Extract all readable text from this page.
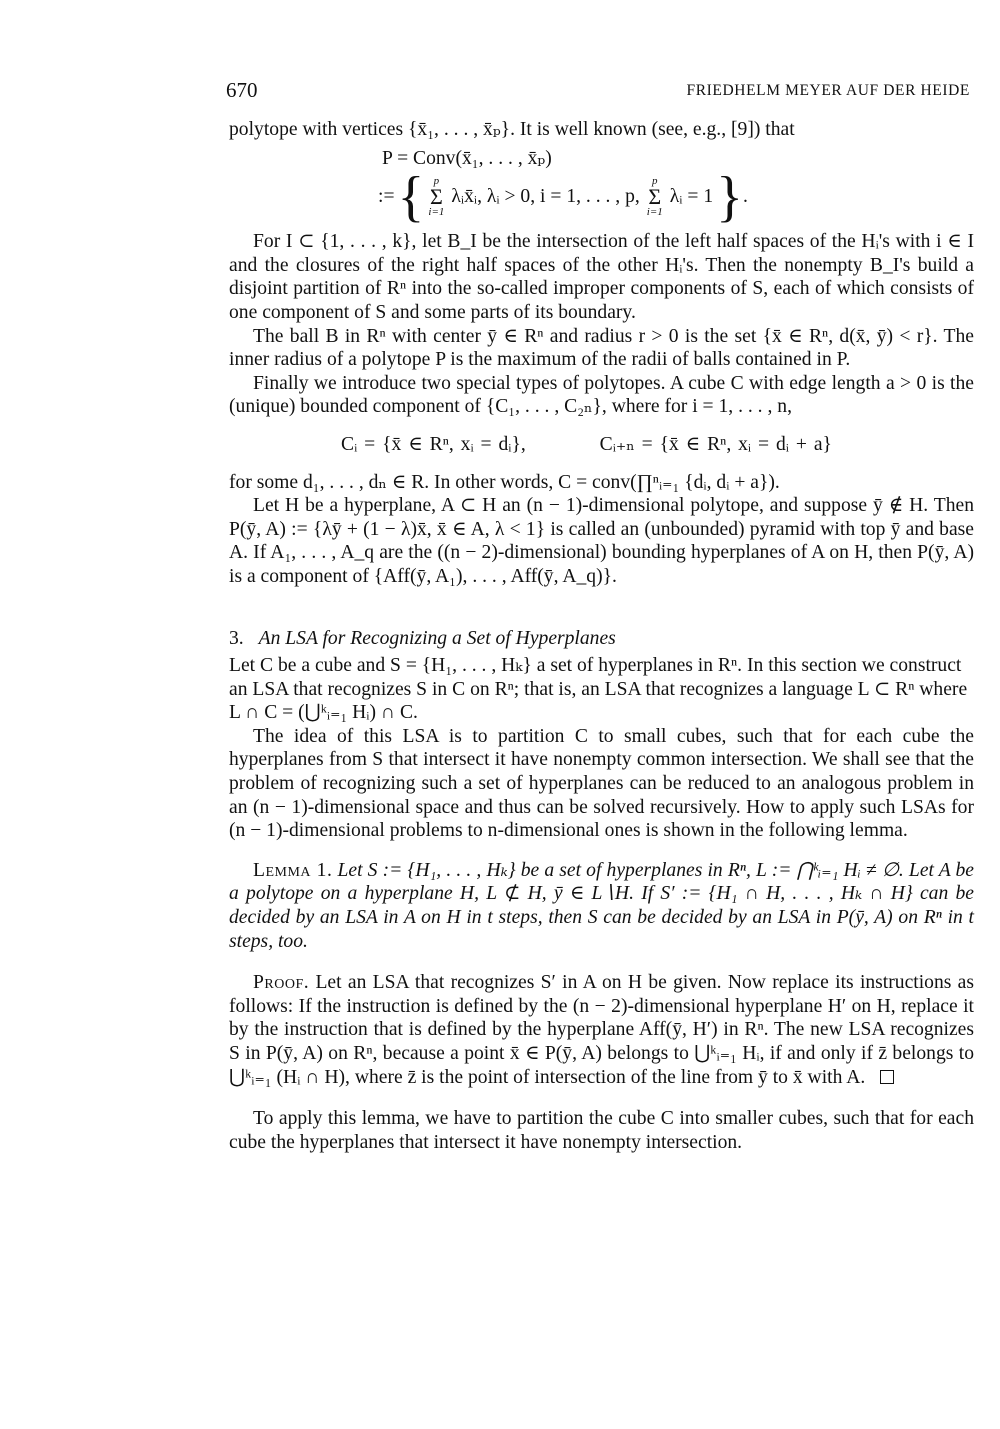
670	FRIEDHELM MEYER AUF DER HEIDE

polytope with vertices {x̄₁, . . . , x̄ₚ}. It is well known (see, e.g., [9]) that

P = Conv(x̄₁, . . . , x̄ₚ)
:= { p
Σ
i=1
λᵢx̄ᵢ, λᵢ > 0, i = 1, . . . , p,
p
Σ
i=1
λᵢ = 1 } .

For I ⊂ {1, . . . , k}, let B_I be the intersection of the left half spaces of the Hᵢ's with i ∈ I and the closures of the right half spaces of the other Hᵢ's. Then the nonempty B_I's build a disjoint partition of Rⁿ into the so-called improper components of S, each of which consists of one component of S and some parts of its boundary.

The ball B in Rⁿ with center ȳ ∈ Rⁿ and radius r > 0 is the set {x̄ ∈ Rⁿ, d(x̄, ȳ) < r}. The inner radius of a polytope P is the maximum of the radii of balls contained in P.

Finally we introduce two special types of polytopes. A cube C with edge length a > 0 is the (unique) bounded component of {C₁, . . . , C₂ₙ}, where for i = 1, . . . , n,

Cᵢ = {x̄ ∈ Rⁿ, xᵢ = dᵢ},	Cᵢ₊ₙ = {x̄ ∈ Rⁿ, xᵢ = dᵢ + a}

for some d₁, . . . , dₙ ∈ R. In other words, C = conv(∏ⁿᵢ₌₁ {dᵢ, dᵢ + a}).

Let H be a hyperplane, A ⊂ H an (n − 1)-dimensional polytope, and suppose ȳ ∉ H. Then P(ȳ, A) := {λȳ + (1 − λ)x̄, x̄ ∈ A, λ < 1} is called an (unbounded) pyramid with top ȳ and base A. If A₁, . . . , A_q are the ((n − 2)-dimensional) bounding hyperplanes of A on H, then P(ȳ, A) is a component of {Aff(ȳ, A₁), . . . , Aff(ȳ, A_q)}.

3. An LSA for Recognizing a Set of Hyperplanes

Let C be a cube and S = {H₁, . . . , Hₖ} a set of hyperplanes in Rⁿ. In this section we construct an LSA that recognizes S in C on Rⁿ; that is, an LSA that recognizes a language L ⊂ Rⁿ where L ∩ C = (⋃ᵏᵢ₌₁ Hᵢ) ∩ C.

The idea of this LSA is to partition C to small cubes, such that for each cube the hyperplanes from S that intersect it have nonempty common intersection. We shall see that the problem of recognizing such a set of hyperplanes can be reduced to an analogous problem in an (n − 1)-dimensional space and thus can be solved recursively. How to apply such LSAs for (n − 1)-dimensional problems to n-dimensional ones is shown in the following lemma.

Lemma 1. Let S := {H₁, . . . , Hₖ} be a set of hyperplanes in Rⁿ, L := ⋂ᵏᵢ₌₁ Hᵢ ≠ ∅. Let A be a polytope on a hyperplane H, L ⊄ H, ȳ ∈ L∖H. If S′ := {H₁ ∩ H, . . . , Hₖ ∩ H} can be decided by an LSA in A on H in t steps, then S can be decided by an LSA in P(ȳ, A) on Rⁿ in t steps, too.

Proof. Let an LSA that recognizes S′ in A on H be given. Now replace its instructions as follows: If the instruction is defined by the (n − 2)-dimensional hyperplane H′ on H, replace it by the instruction that is defined by the hyperplane Aff(ȳ, H′) in Rⁿ. The new LSA recognizes S in P(ȳ, A) on Rⁿ, because a point x̄ ∈ P(ȳ, A) belongs to ⋃ᵏᵢ₌₁ Hᵢ, if and only if z̄ belongs to ⋃ᵏᵢ₌₁ (Hᵢ ∩ H), where z̄ is the point of intersection of the line from ȳ to x̄ with A.

To apply this lemma, we have to partition the cube C into smaller cubes, such that for each cube the hyperplanes that intersect it have nonempty intersection.
